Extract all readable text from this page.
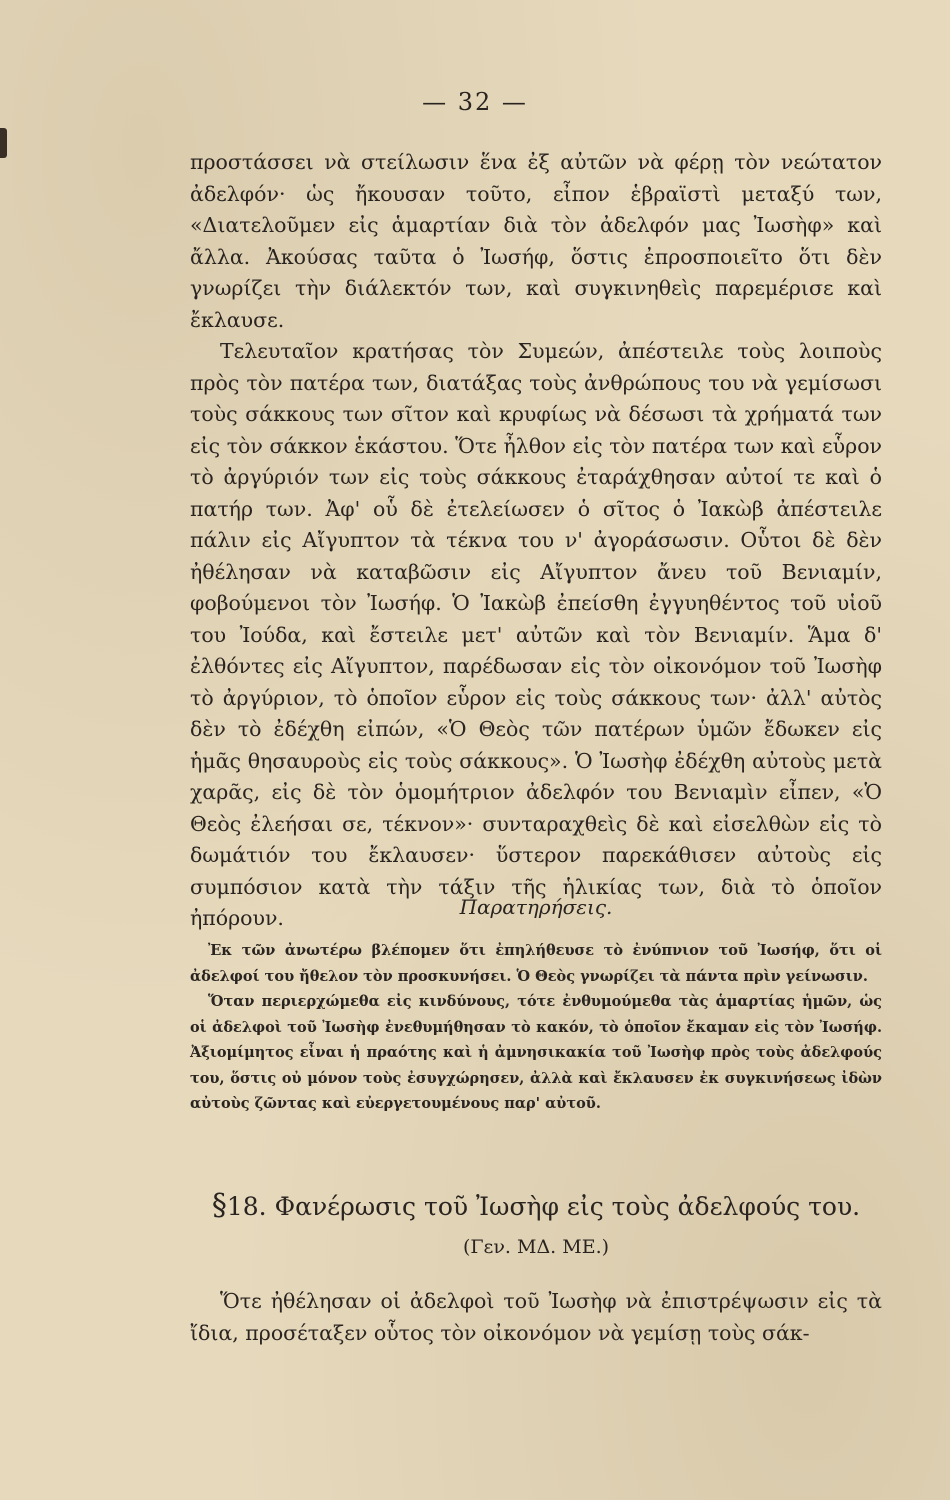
— 32 —

προστάσσει νὰ στείλωσιν ἕνα ἐξ αὐτῶν νὰ φέρῃ τὸν νεώτατον ἀδελφόν· ὡς ἤκουσαν τοῦτο, εἶπον ἑβραϊστὶ μεταξύ των, «Διατελοῦμεν εἰς ἁμαρτίαν διὰ τὸν ἀδελφόν μας Ἰωσὴφ» καὶ ἄλλα. Ἀκούσας ταῦτα ὁ Ἰωσήφ, ὅστις ἐπροσποιεῖτο ὅτι δὲν γνωρίζει τὴν διάλεκτόν των, καὶ συγκινηθεὶς παρεμέρισε καὶ ἔκλαυσε.

Τελευταῖον κρατήσας τὸν Συμεών, ἀπέστειλε τοὺς λοιποὺς πρὸς τὸν πατέρα των, διατάξας τοὺς ἀνθρώπους του νὰ γεμίσωσι τοὺς σάκκους των σῖτον καὶ κρυφίως νὰ δέσωσι τὰ χρήματά των εἰς τὸν σάκκον ἑκάστου. Ὅτε ἦλθον εἰς τὸν πατέρα των καὶ εὗρον τὸ ἀργύριόν των εἰς τοὺς σάκκους ἐταράχθησαν αὐτοί τε καὶ ὁ πατήρ των. Ἀφ' οὗ δὲ ἐτελείωσεν ὁ σῖτος ὁ Ἰακὼβ ἀπέστειλε πάλιν εἰς Αἴγυπτον τὰ τέκνα του ν' ἀγοράσωσιν. Οὗτοι δὲ δὲν ἠθέλησαν νὰ καταβῶσιν εἰς Αἴγυπτον ἄνευ τοῦ Βενιαμίν, φοβούμενοι τὸν Ἰωσήφ. Ὁ Ἰακὼβ ἐπείσθη ἐγγυηθέντος τοῦ υἱοῦ του Ἰούδα, καὶ ἔστειλε μετ' αὐτῶν καὶ τὸν Βενιαμίν. Ἅμα δ' ἐλθόντες εἰς Αἴγυπτον, παρέδωσαν εἰς τὸν οἰκονόμον τοῦ Ἰωσὴφ τὸ ἀργύριον, τὸ ὁποῖον εὗρον εἰς τοὺς σάκκους των· ἀλλ' αὐτὸς δὲν τὸ ἐδέχθη εἰπών, «Ὁ Θεὸς τῶν πατέρων ὑμῶν ἔδωκεν εἰς ἡμᾶς θησαυροὺς εἰς τοὺς σάκκους». Ὁ Ἰωσὴφ ἐδέχθη αὐτοὺς μετὰ χαρᾶς, εἰς δὲ τὸν ὁμομήτριον ἀδελφόν του Βενιαμὶν εἶπεν, «Ὁ Θεὸς ἐλεήσαι σε, τέκνον»· συνταραχθεὶς δὲ καὶ εἰσελθὼν εἰς τὸ δωμάτιόν του ἔκλαυσεν· ὕστερον παρεκάθισεν αὐτοὺς εἰς συμπόσιον κατὰ τὴν τάξιν τῆς ἡλικίας των, διὰ τὸ ὁποῖον ἠπόρουν.	Παρατηρήσεις.

Ἐκ τῶν ἀνωτέρω βλέπομεν ὅτι ἐπηλήθευσε τὸ ἐνύπνιον τοῦ Ἰωσήφ, ὅτι οἱ ἀδελφοί του ἤθελον τὸν προσκυνήσει. Ὁ Θεὸς γνωρίζει τὰ πάντα πρὶν γείνωσιν.

Ὅταν περιερχώμεθα εἰς κινδύνους, τότε ἐνθυμούμεθα τὰς ἁμαρτίας ἡμῶν, ὡς οἱ ἀδελφοὶ τοῦ Ἰωσὴφ ἐνεθυμήθησαν τὸ κακόν, τὸ ὁποῖον ἔκαμαν εἰς τὸν Ἰωσήφ. Ἀξιομίμητος εἶναι ἡ πραότης καὶ ἡ ἀμνησικακία τοῦ Ἰωσὴφ πρὸς τοὺς ἀδελφούς του, ὅστις οὐ μόνον τοὺς ἐσυγχώρησεν, ἀλλὰ καὶ ἔκλαυσεν ἐκ συγκινήσεως ἰδὼν αὐτοὺς ζῶντας καὶ εὐεργετουμένους παρ' αὐτοῦ.

§18. Φανέρωσις τοῦ Ἰωσὴφ εἰς τοὺς ἀδελφούς του.

(Γεν. ΜΔ. ΜΕ.)

Ὅτε ἠθέλησαν οἱ ἀδελφοὶ τοῦ Ἰωσὴφ νὰ ἐπιστρέψωσιν εἰς τὰ ἴδια, προσέταξεν οὗτος τὸν οἰκονόμον νὰ γεμίσῃ τοὺς σάκ-
